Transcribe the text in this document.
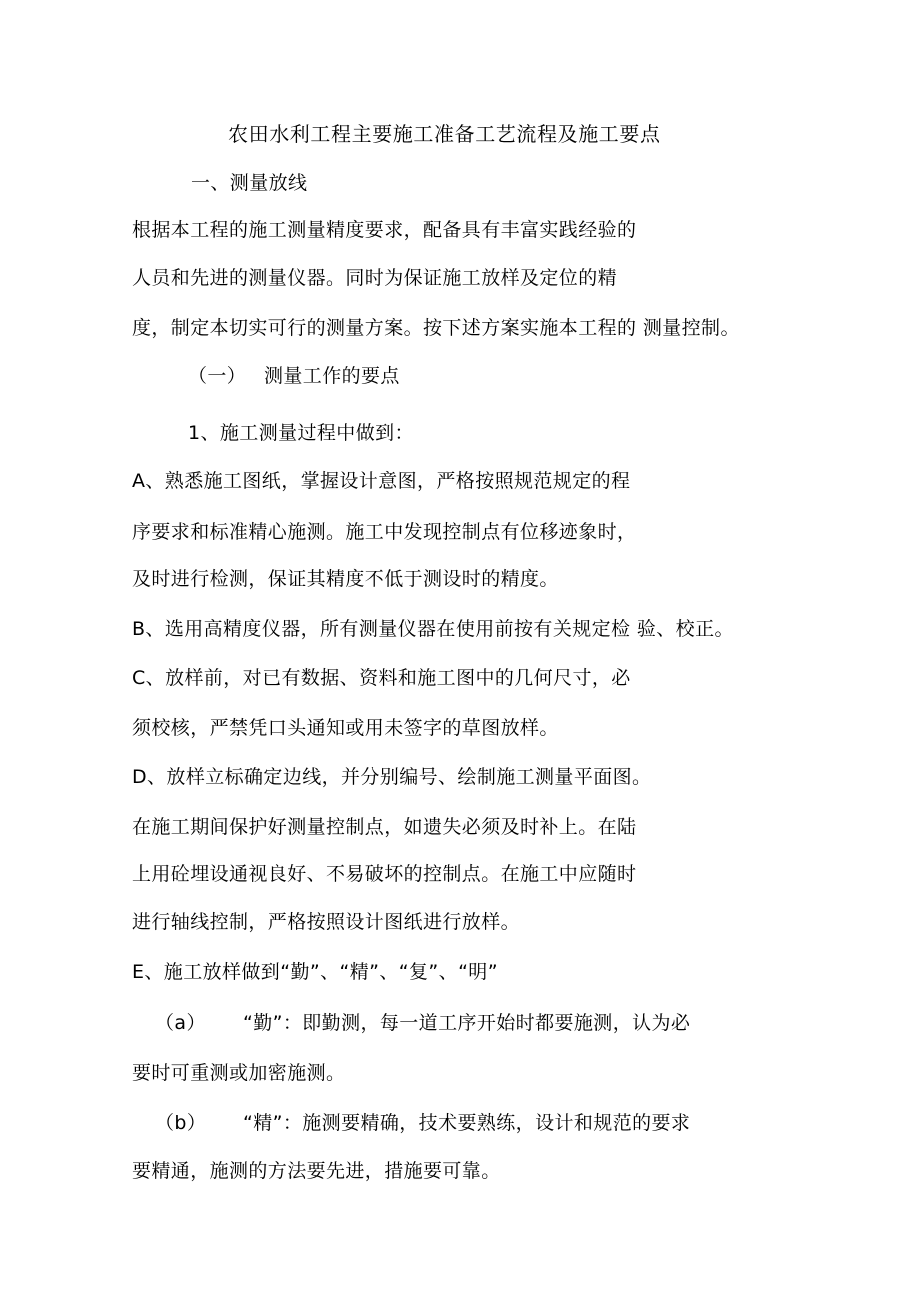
农田水利工程主要施工准备工艺流程及施工要点
一、测量放线
根据本工程的施工测量精度要求，配备具有丰富实践经验的
人员和先进的测量仪器。同时为保证施工放样及定位的精
度，制定本切实可行的测量方案。按下述方案实施本工程的 测量控制。
（一） 测量工作的要点
1、施工测量过程中做到：
A、熟悉施工图纸，掌握设计意图，严格按照规范规定的程
序要求和标准精心施测。施工中发现控制点有位移迹象时，
及时进行检测，保证其精度不低于测设时的精度。
B、选用高精度仪器，所有测量仪器在使用前按有关规定检 验、校正。
C、放样前，对已有数据、资料和施工图中的几何尺寸，必
须校核，严禁凭口头通知或用未签字的草图放样。
D、放样立标确定边线，并分别编号、绘制施工测量平面图。
在施工期间保护好测量控制点，如遗失必须及时补上。在陆
上用砼埋设通视良好、不易破坏的控制点。在施工中应随时
进行轴线控制，严格按照设计图纸进行放样。
E、施工放样做到“勤”、“精”、“复”、“明”
（a） “勤”：即勤测，每一道工序开始时都要施测，认为必
要时可重测或加密施测。
（b） “精”：施测要精确，技术要熟练，设计和规范的要求
要精通，施测的方法要先进，措施要可靠。
